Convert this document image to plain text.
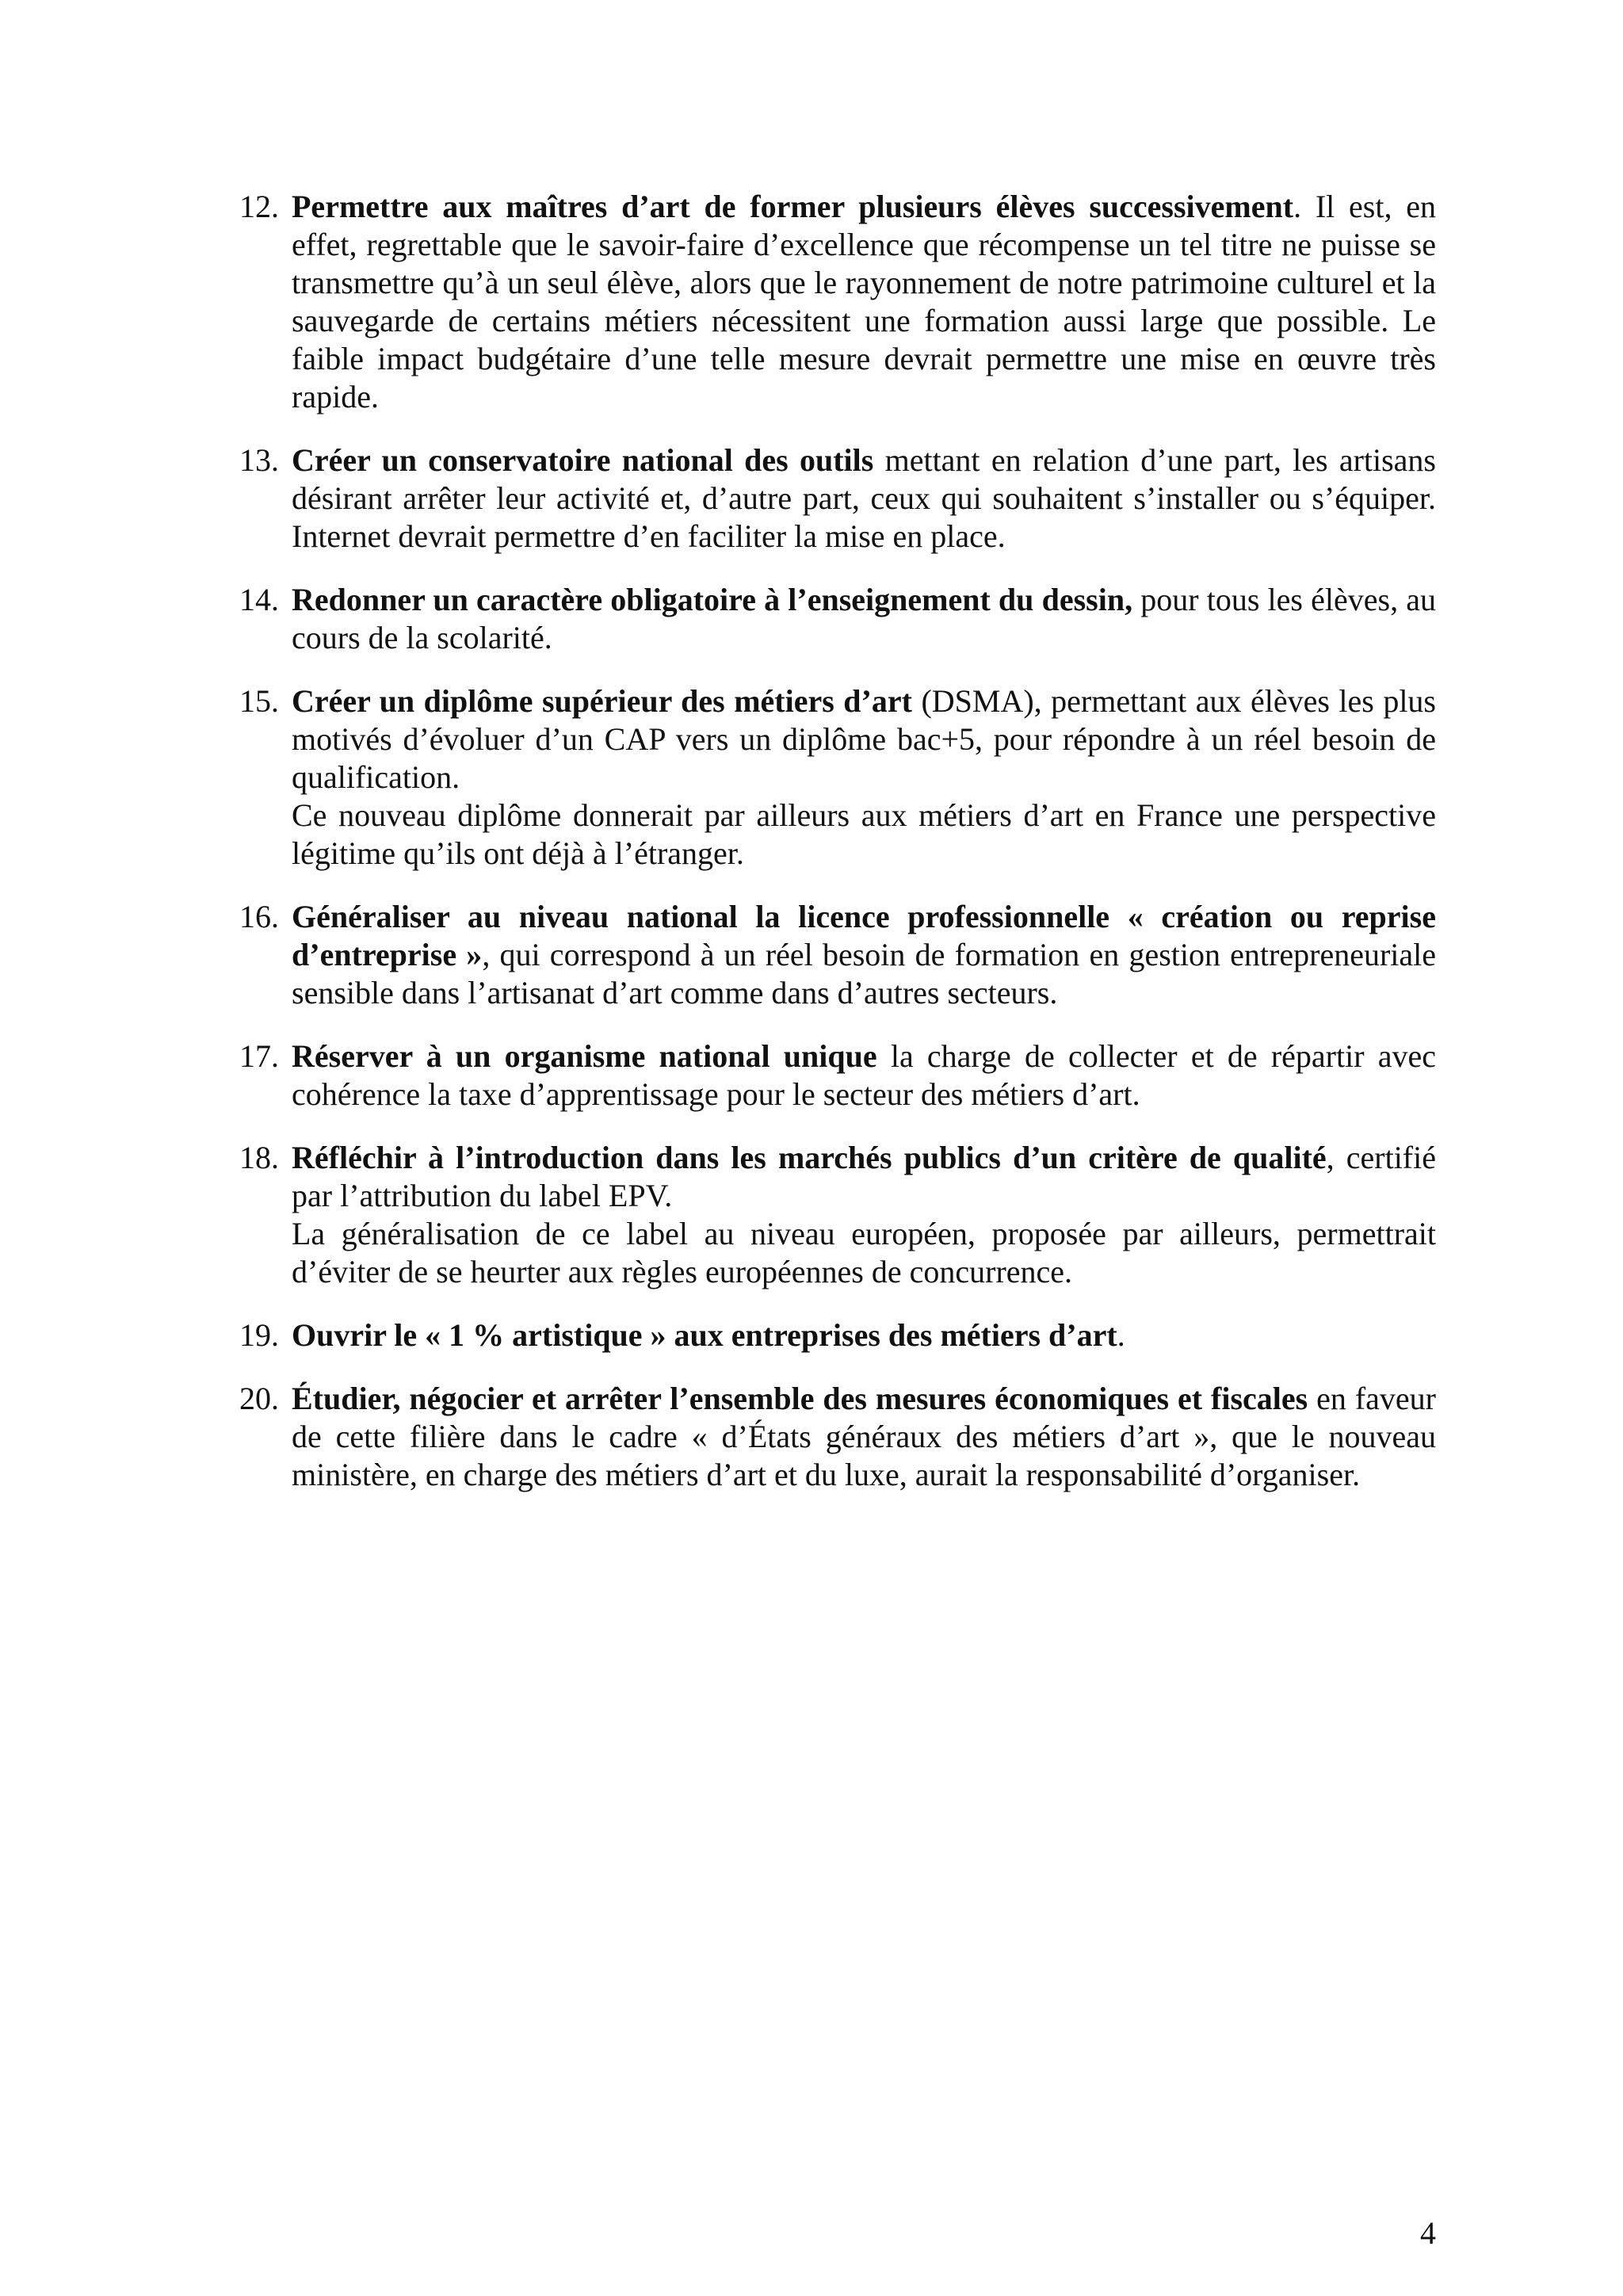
12. Permettre aux maîtres d’art de former plusieurs élèves successivement. Il est, en effet, regrettable que le savoir-faire d’excellence que récompense un tel titre ne puisse se transmettre qu’à un seul élève, alors que le rayonnement de notre patrimoine culturel et la sauvegarde de certains métiers nécessitent une formation aussi large que possible. Le faible impact budgétaire d’une telle mesure devrait permettre une mise en œuvre très rapide.
13. Créer un conservatoire national des outils mettant en relation d’une part, les artisans désirant arrêter leur activité et, d’autre part, ceux qui souhaitent s’installer ou s’équiper. Internet devrait permettre d’en faciliter la mise en place.
14. Redonner un caractère obligatoire à l’enseignement du dessin, pour tous les élèves, au cours de la scolarité.
15. Créer un diplôme supérieur des métiers d’art (DSMA), permettant aux élèves les plus motivés d’évoluer d’un CAP vers un diplôme bac+5, pour répondre à un réel besoin de qualification.
Ce nouveau diplôme donnerait par ailleurs aux métiers d’art en France une perspective légitime qu’ils ont déjà à l’étranger.
16. Généraliser au niveau national la licence professionnelle « création ou reprise d’entreprise », qui correspond à un réel besoin de formation en gestion entrepreneuriale sensible dans l’artisanat d’art comme dans d’autres secteurs.
17. Réserver à un organisme national unique la charge de collecter et de répartir avec cohérence la taxe d’apprentissage pour le secteur des métiers d’art.
18. Réfléchir à l’introduction dans les marchés publics d’un critère de qualité, certifié par l’attribution du label EPV.
La généralisation de ce label au niveau européen, proposée par ailleurs, permettrait d’éviter de se heurter aux règles européennes de concurrence.
19. Ouvrir le « 1 % artistique » aux entreprises des métiers d’art.
20. Étudier, négocier et arrêter l’ensemble des mesures économiques et fiscales en faveur de cette filière dans le cadre « d’États généraux des métiers d’art », que le nouveau ministère, en charge des métiers d’art et du luxe, aurait la responsabilité d’organiser.
4
